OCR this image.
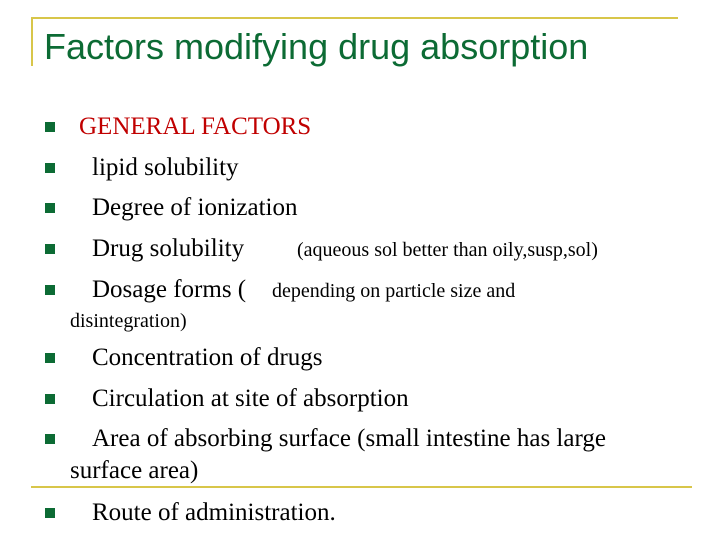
Factors modifying drug absorption
GENERAL FACTORS
lipid solubility
Degree of ionization
Drug solubility	(aqueous sol better than oily,susp,sol)
Dosage forms ( depending on particle size and
disintegration)
Concentration of drugs
Circulation at site of absorption
Area of absorbing surface (small intestine has large
surface area)
Route of administration.
